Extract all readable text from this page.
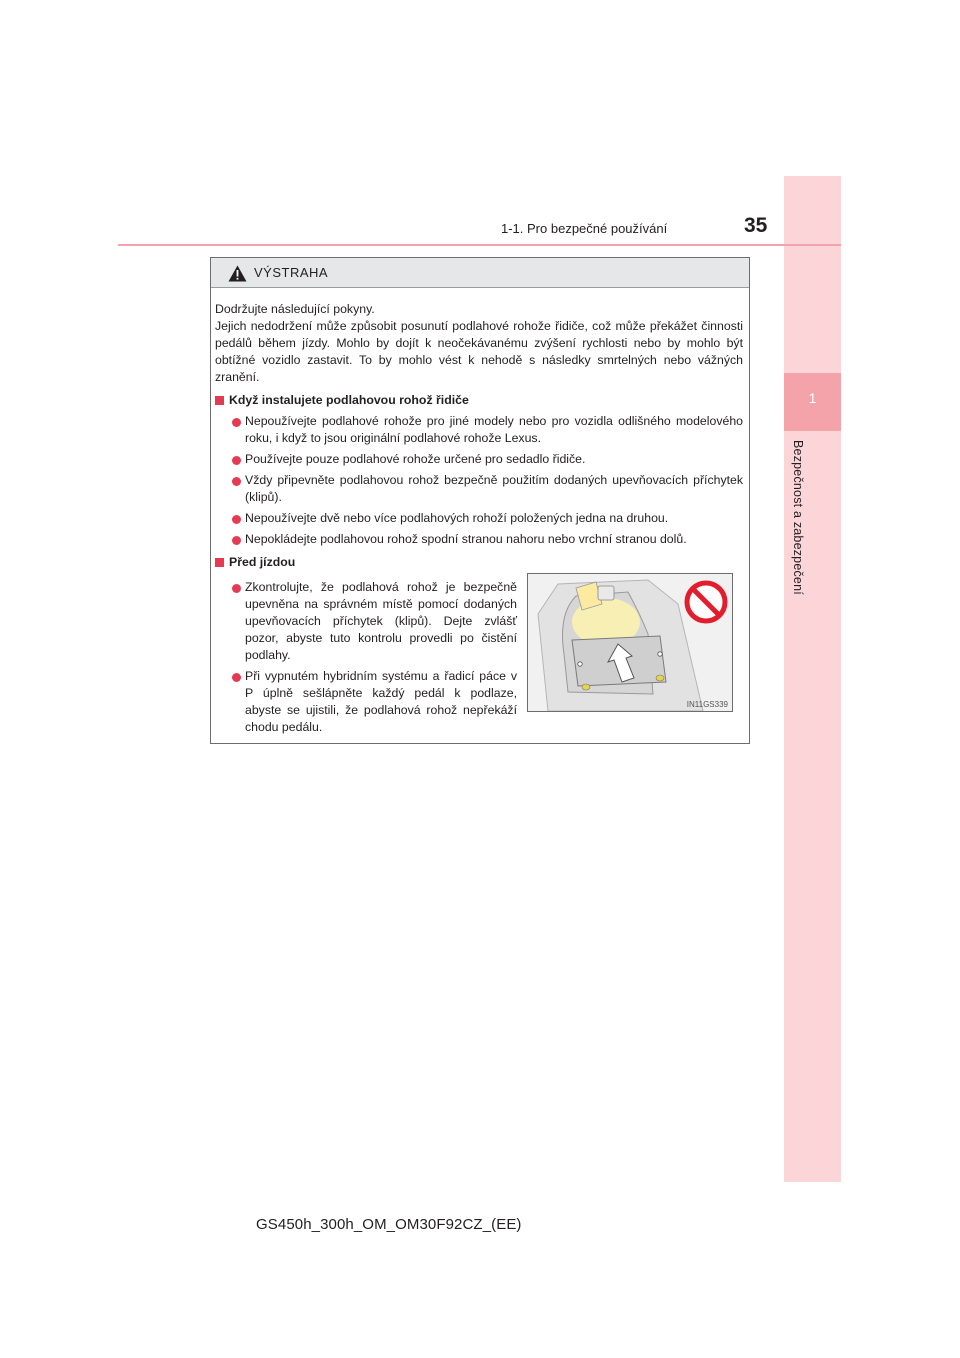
1
Bezpečnost a zabezpečení
1-1. Pro bezpečné používání	35
VÝSTRAHA

Dodržujte následující pokyny.

Jejich nedodržení může způsobit posunutí podlahové rohože řidiče, což může překážet činnosti pedálů během jízdy. Mohlo by dojít k neočekávanému zvýšení rychlosti nebo by mohlo být obtížné vozidlo zastavit. To by mohlo vést k nehodě s následky smrtelných nebo vážných zranění.

Když instalujete podlahovou rohož řidiče

Nepoužívejte podlahové rohože pro jiné modely nebo pro vozidla odlišného modelového roku, i když to jsou originální podlahové rohože Lexus.

Používejte pouze podlahové rohože určené pro sedadlo řidiče.

Vždy připevněte podlahovou rohož bezpečně použitím dodaných upevňovacích příchytek (klipů).

Nepoužívejte dvě nebo více podlahových rohoží položených jedna na druhou.

Nepokládejte podlahovou rohož spodní stranou nahoru nebo vrchní stranou dolů.

Před jízdou

Zkontrolujte, že podlahová rohož je bezpečně upevněna na správném místě pomocí dodaných upevňovacích příchytek (klipů). Dejte zvlášť pozor, abyste tuto kontrolu provedli po čistění podlahy.

Při vypnutém hybridním systému a řadicí páce v P úplně sešlápněte každý pedál k podlaze, abyste se ujistili, že podlahová rohož nepřekáží chodu pedálu.

IN11GS339
GS450h_300h_OM_OM30F92CZ_(EE)
